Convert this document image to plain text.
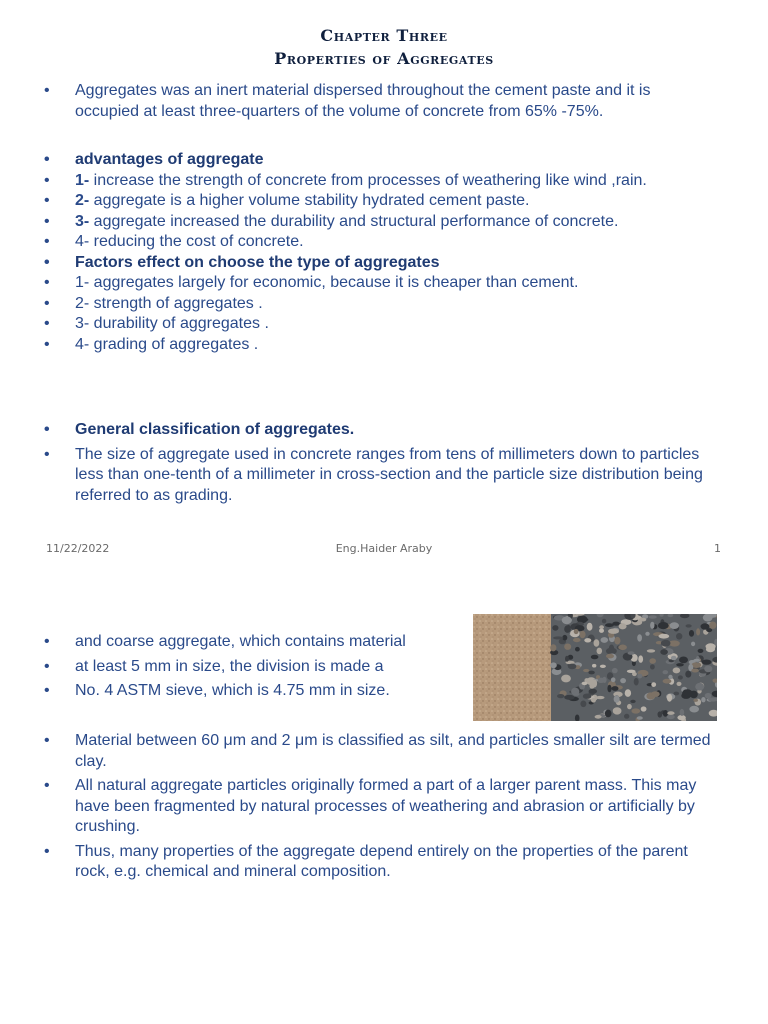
Chapter Three
Properties of Aggregates
• Aggregates was an inert material dispersed throughout the cement paste and it is occupied at least three-quarters of the volume of concrete from 65% -75%.
• advantages of aggregate
• 1- increase the strength of concrete from processes of weathering like wind ,rain.
• 2- aggregate is a higher volume stability hydrated cement paste.
• 3- aggregate increased the durability and structural performance of concrete.
• 4- reducing the cost of concrete.
• Factors effect on choose the type of aggregates
• 1- aggregates largely for economic, because it is cheaper than cement.
• 2- strength of aggregates .
• 3- durability of aggregates .
• 4- grading of aggregates .
• General classification of aggregates.
• The size of aggregate used in concrete ranges from tens of millimeters down to particles less than one-tenth of a millimeter in cross-section and the particle size distribution being referred to as grading.
11/22/2022	Eng.Haider Araby	1
• and coarse aggregate, which contains material
• at least 5 mm in size, the division is made a
• No. 4 ASTM sieve, which is 4.75 mm in size.
• Material between 60 μm and 2 μm is classified as silt, and particles smaller silt are termed clay.
• All natural aggregate particles originally formed a part of a larger parent mass. This may have been fragmented by natural processes of weathering and abrasion or artificially by crushing.
• Thus, many properties of the aggregate depend entirely on the properties of the parent rock, e.g. chemical and mineral composition.
